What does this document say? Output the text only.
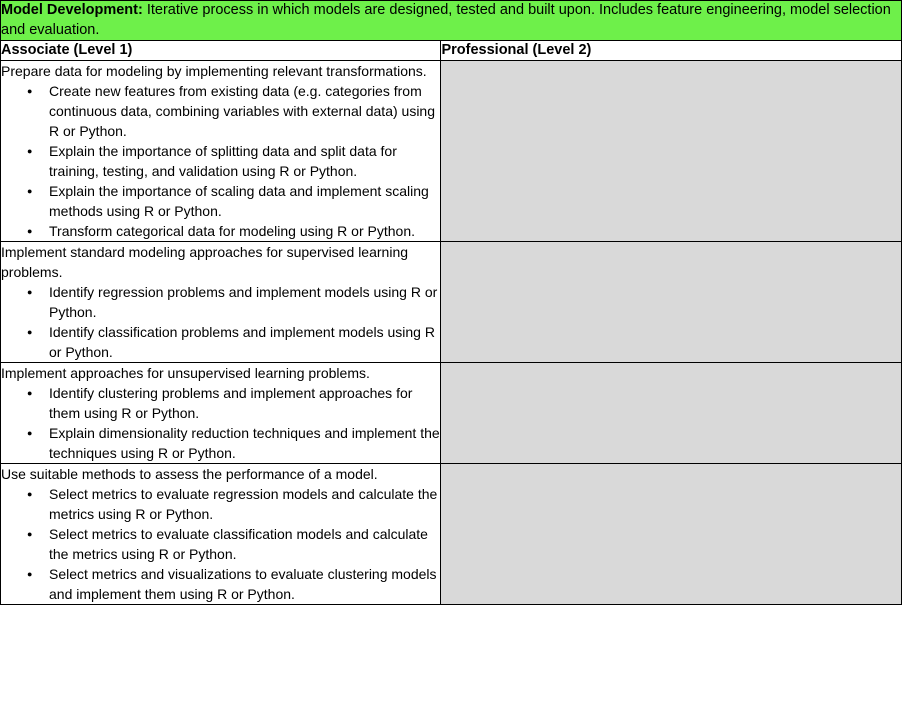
Model Development: Iterative process in which models are designed, tested and built upon. Includes feature engineering, model selection and evaluation.	

Associate (Level 1)	Professional (Level 2)

Prepare data for modeling by implementing relevant transformations.

● Create new features from existing data (e.g. categories from continuous data, combining variables with external data) using R or Python.
● Explain the importance of splitting data and split data for training, testing, and validation using R or Python.
● Explain the importance of scaling data and implement scaling methods using R or Python.
● Transform categorical data for modeling using R or Python.

Implement standard modeling approaches for supervised learning problems.

● Identify regression problems and implement models using R or Python.
● Identify classification problems and implement models using R or Python.

Implement approaches for unsupervised learning problems.

● Identify clustering problems and implement approaches for them using R or Python.
● Explain dimensionality reduction techniques and implement the techniques using R or Python.

Use suitable methods to assess the performance of a model.

● Select metrics to evaluate regression models and calculate the metrics using R or Python.
● Select metrics to evaluate classification models and calculate the metrics using R or Python.
● Select metrics and visualizations to evaluate clustering models and implement them using R or Python.
